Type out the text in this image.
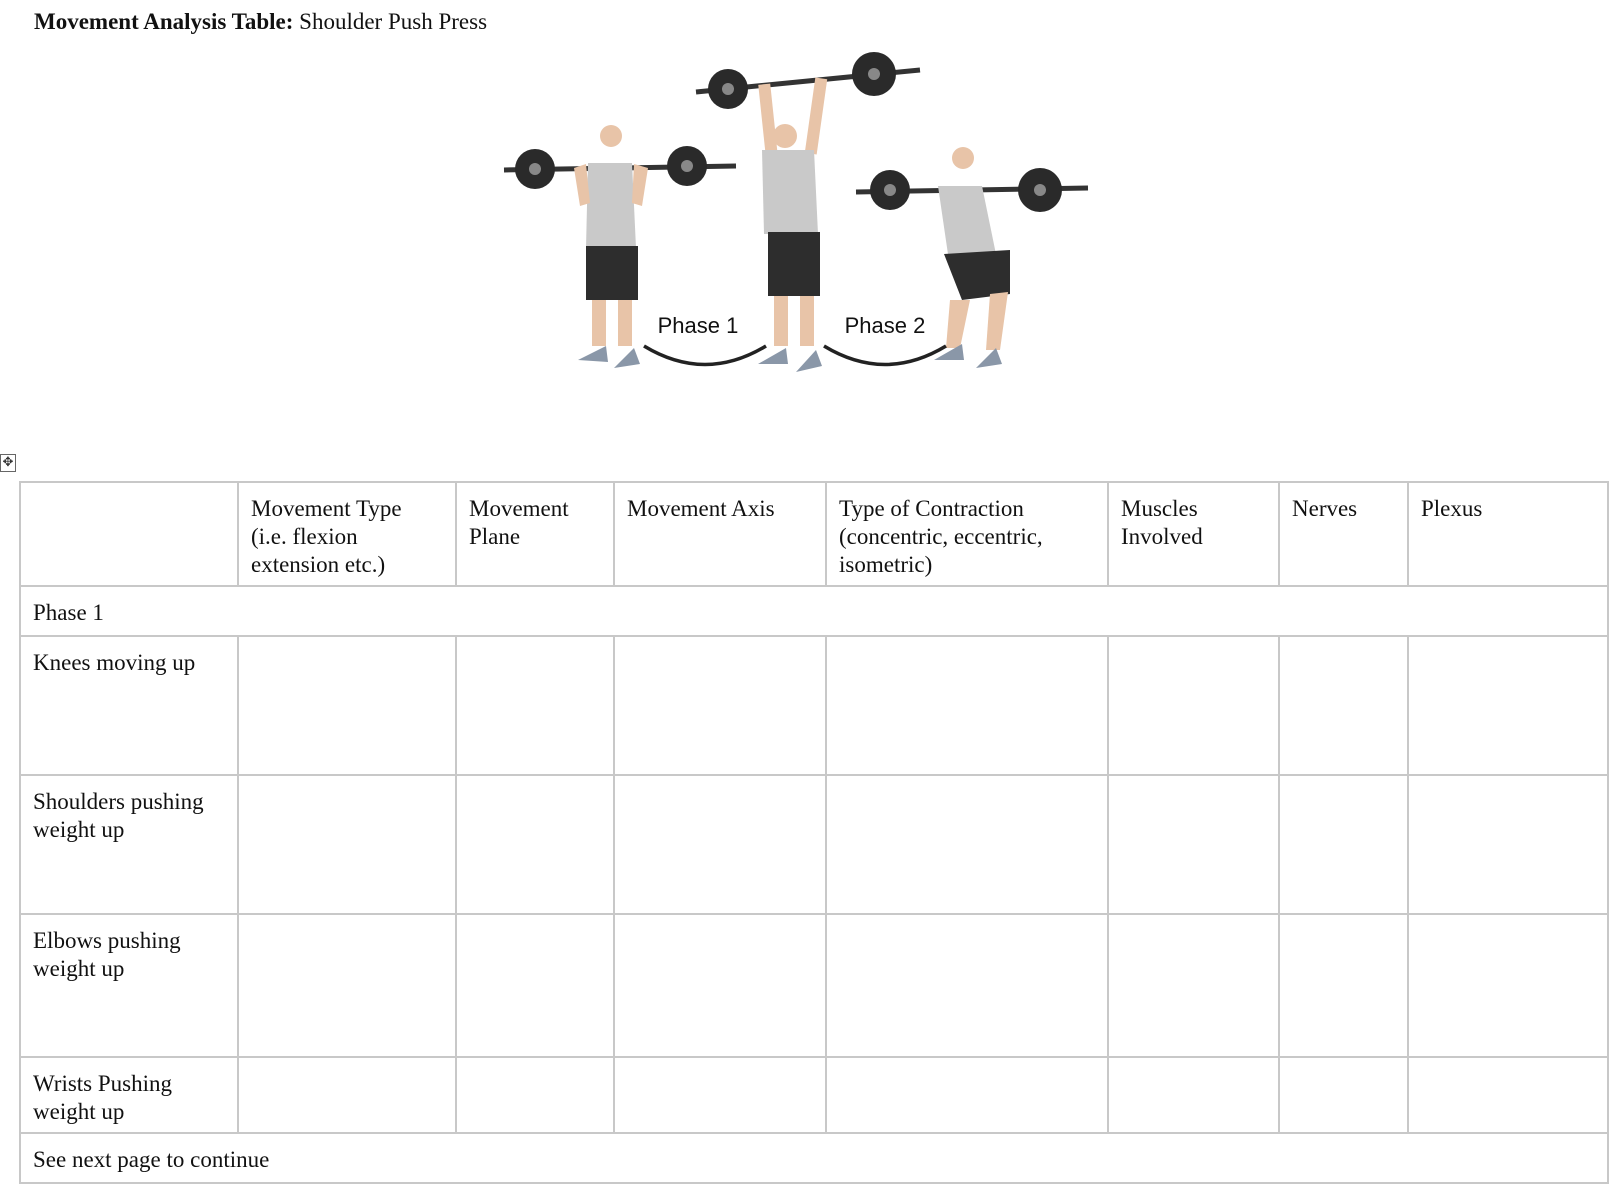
Movement Analysis Table: Shoulder Push Press
Phase 1	Phase 2
✥
	Movement Type (i.e. flexion extension etc.)	Movement Plane	Movement Axis	Type of Contraction (concentric, eccentric, isometric)	Muscles Involved	Nerves	Plexus
Phase 1							
Knees moving up							
Shoulders pushing weight up							
Elbows pushing weight up							
Wrists Pushing weight up							
See next page to continue							
